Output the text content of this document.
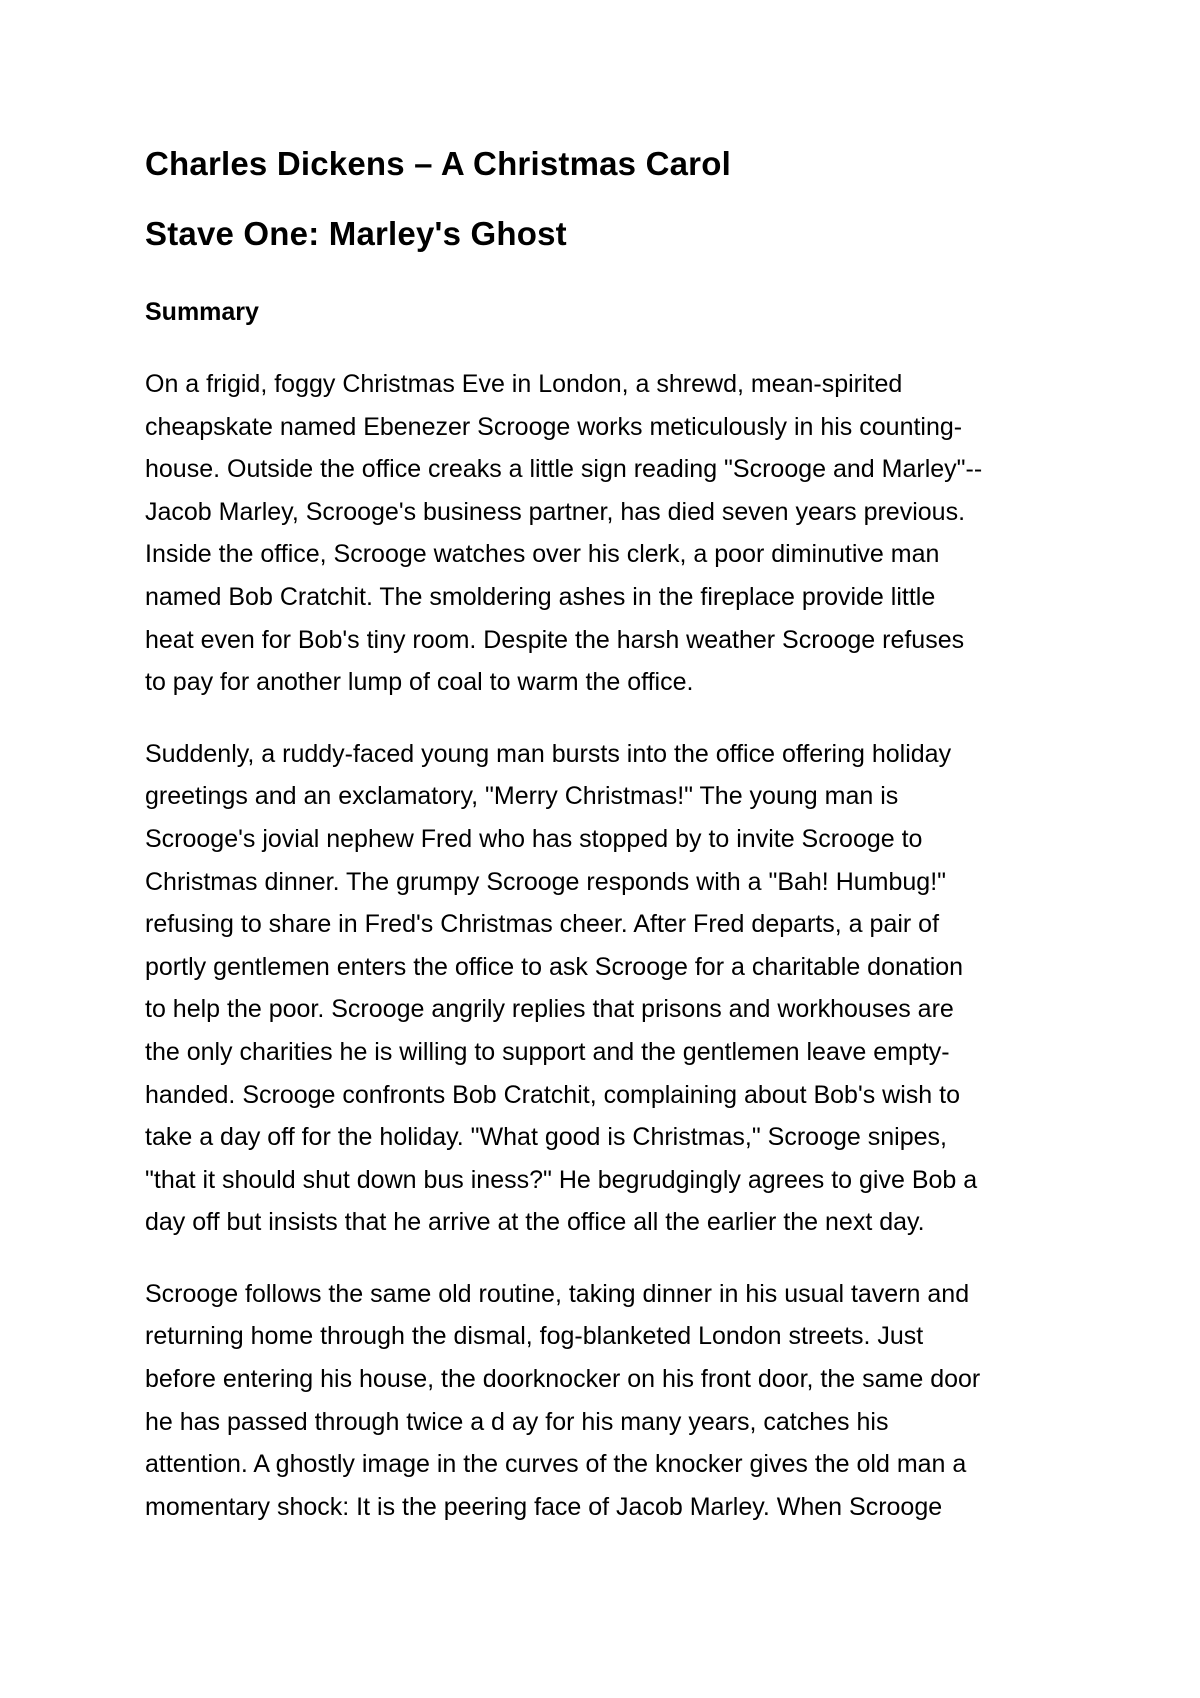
Charles Dickens – A Christmas Carol
Stave One: Marley's Ghost
Summary

On a frigid, foggy Christmas Eve in London, a shrewd, mean-spirited
cheapskate named Ebenezer Scrooge works meticulously in his counting-
house. Outside the office creaks a little sign reading "Scrooge and Marley"--
Jacob Marley, Scrooge's business partner, has died seven years previous.
Inside the office, Scrooge watches over his clerk, a poor diminutive man
named Bob Cratchit. The smoldering ashes in the fireplace provide little
heat even for Bob's tiny room. Despite the harsh weather Scrooge refuses
to pay for another lump of coal to warm the office.

Suddenly, a ruddy-faced young man bursts into the office offering holiday
greetings and an exclamatory, "Merry Christmas!" The young man is
Scrooge's jovial nephew Fred who has stopped by to invite Scrooge to
Christmas dinner. The grumpy Scrooge responds with a "Bah! Humbug!"
refusing to share in Fred's Christmas cheer. After Fred departs, a pair of
portly gentlemen enters the office to ask Scrooge for a charitable donation
to help the poor. Scrooge angrily replies that prisons and workhouses are
the only charities he is willing to support and the gentlemen leave empty-
handed. Scrooge confronts Bob Cratchit, complaining about Bob's wish to
take a day off for the holiday. "What good is Christmas," Scrooge snipes,
"that it should shut down bus iness?" He begrudgingly agrees to give Bob a
day off but insists that he arrive at the office all the earlier the next day.

Scrooge follows the same old routine, taking dinner in his usual tavern and
returning home through the dismal, fog-blanketed London streets. Just
before entering his house, the doorknocker on his front door, the same door
he has passed through twice a d ay for his many years, catches his
attention. A ghostly image in the curves of the knocker gives the old man a
momentary shock: It is the peering face of Jacob Marley. When Scrooge
